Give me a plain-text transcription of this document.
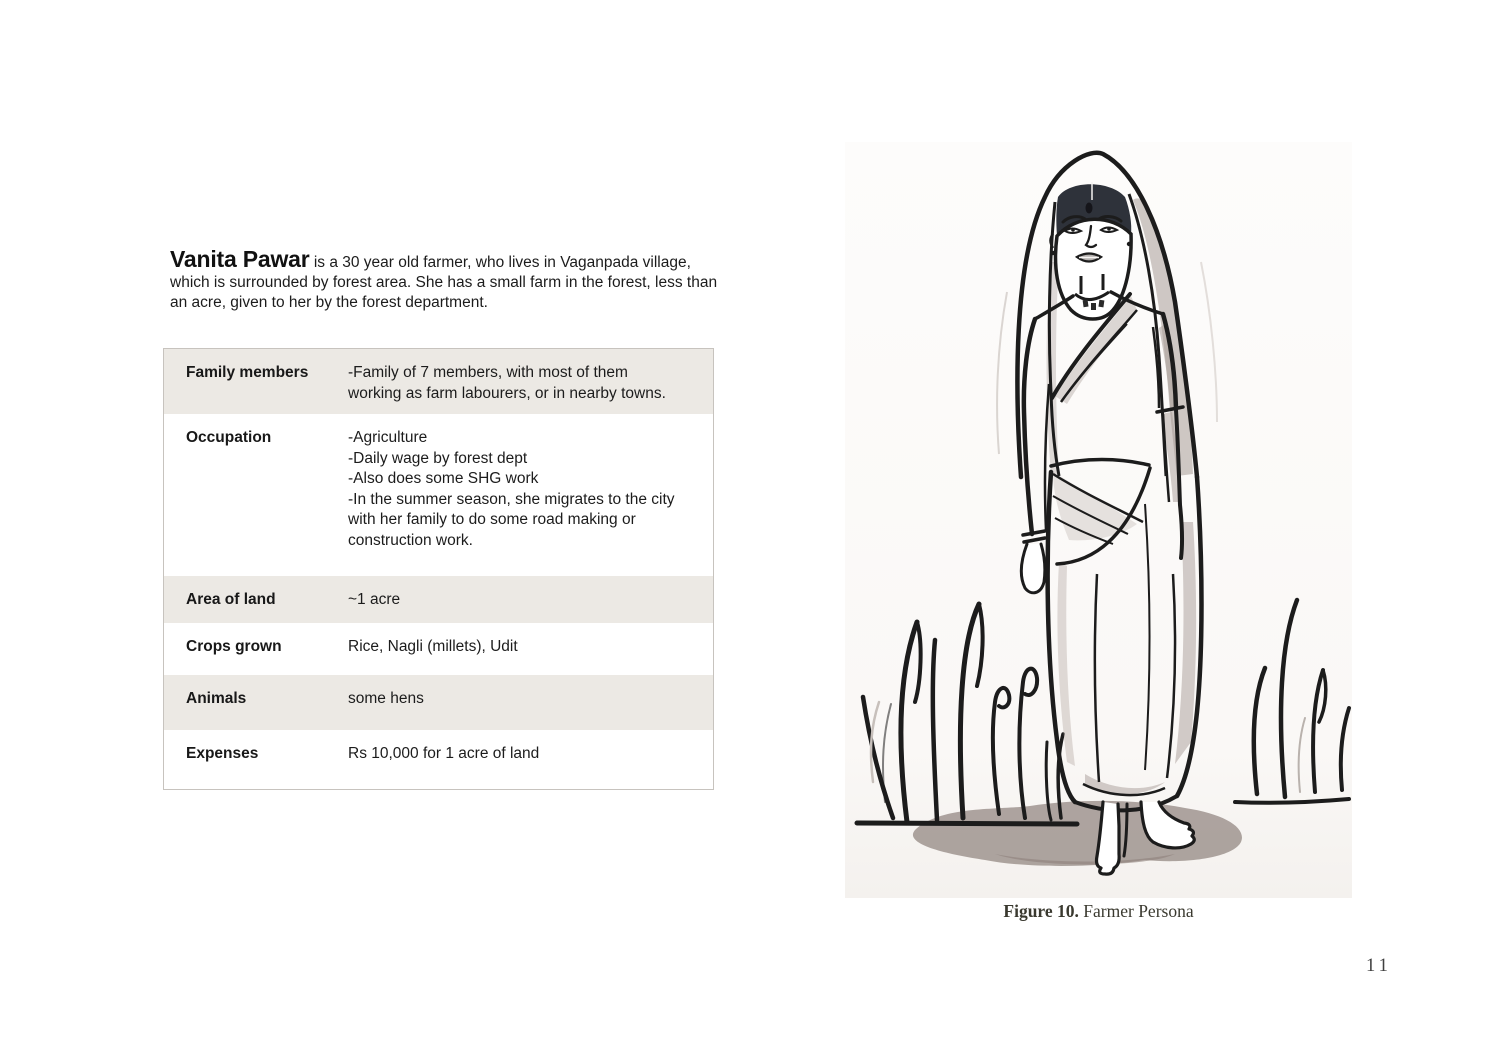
Vanita Pawar is a 30 year old farmer, who lives in Vaganpada village, which is surrounded by forest area. She has a small farm in the forest, less than an acre, given to her by the forest department.

Family members	-Family of 7 members, with most of them working as farm labourers, or in nearby towns.
Occupation	-Agriculture
-Daily wage by forest dept
-Also does some SHG work
-In the summer season, she migrates to the city with her family to do some road making or construction work.
Area of land	~1 acre
Crops grown	Rice, Nagli (millets), Udit
Animals	some hens
Expenses	Rs 10,000 for 1 acre of land
Figure 10. Farmer Persona
11
